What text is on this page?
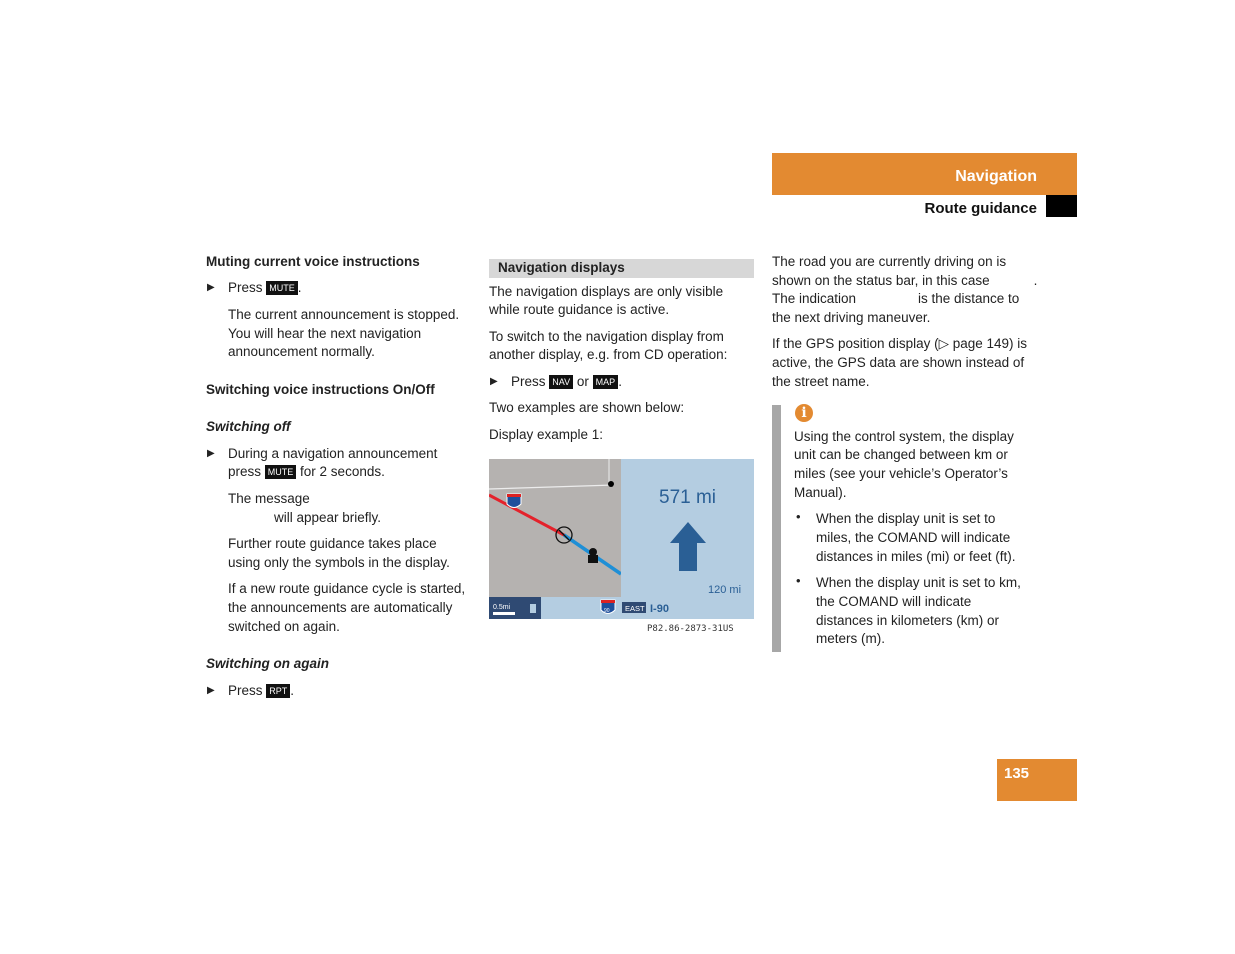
Navigation
Route guidance
Muting current voice instructions
▶ Press MUTE .
The current announcement is stopped.
You will hear the next navigation
announcement normally.
Switching voice instructions On/Off
Switching off
▶ During a navigation announcement
press MUTE for 2 seconds.
The message
will appear briefly.
Further route guidance takes place
using only the symbols in the display.
If a new route guidance cycle is started,
the announcements are automatically
switched on again.
Switching on again
▶ Press RPT .
Navigation displays
The navigation displays are only visible
while route guidance is active.
To switch to the navigation display from
another display, e.g. from CD operation:
▶ Press NAV or MAP .
Two examples are shown below:
Display example 1:
571 mi
120 mi
0.5mi	90 EAST I-90
P82.86-2873-31US
The road you are currently driving on is
shown on the status bar, in this case	.
The indication	is the distance to
the next driving maneuver.
If the GPS position display (▷ page 149) is
active, the GPS data are shown instead of
the street name.
i
Using the control system, the display
unit can be changed between km or
miles (see your vehicle’s Operator’s
Manual).
• When the display unit is set to
miles, the COMAND will indicate
distances in miles (mi) or feet (ft).
• When the display unit is set to km,
the COMAND will indicate
distances in kilometers (km) or
meters (m).
135
